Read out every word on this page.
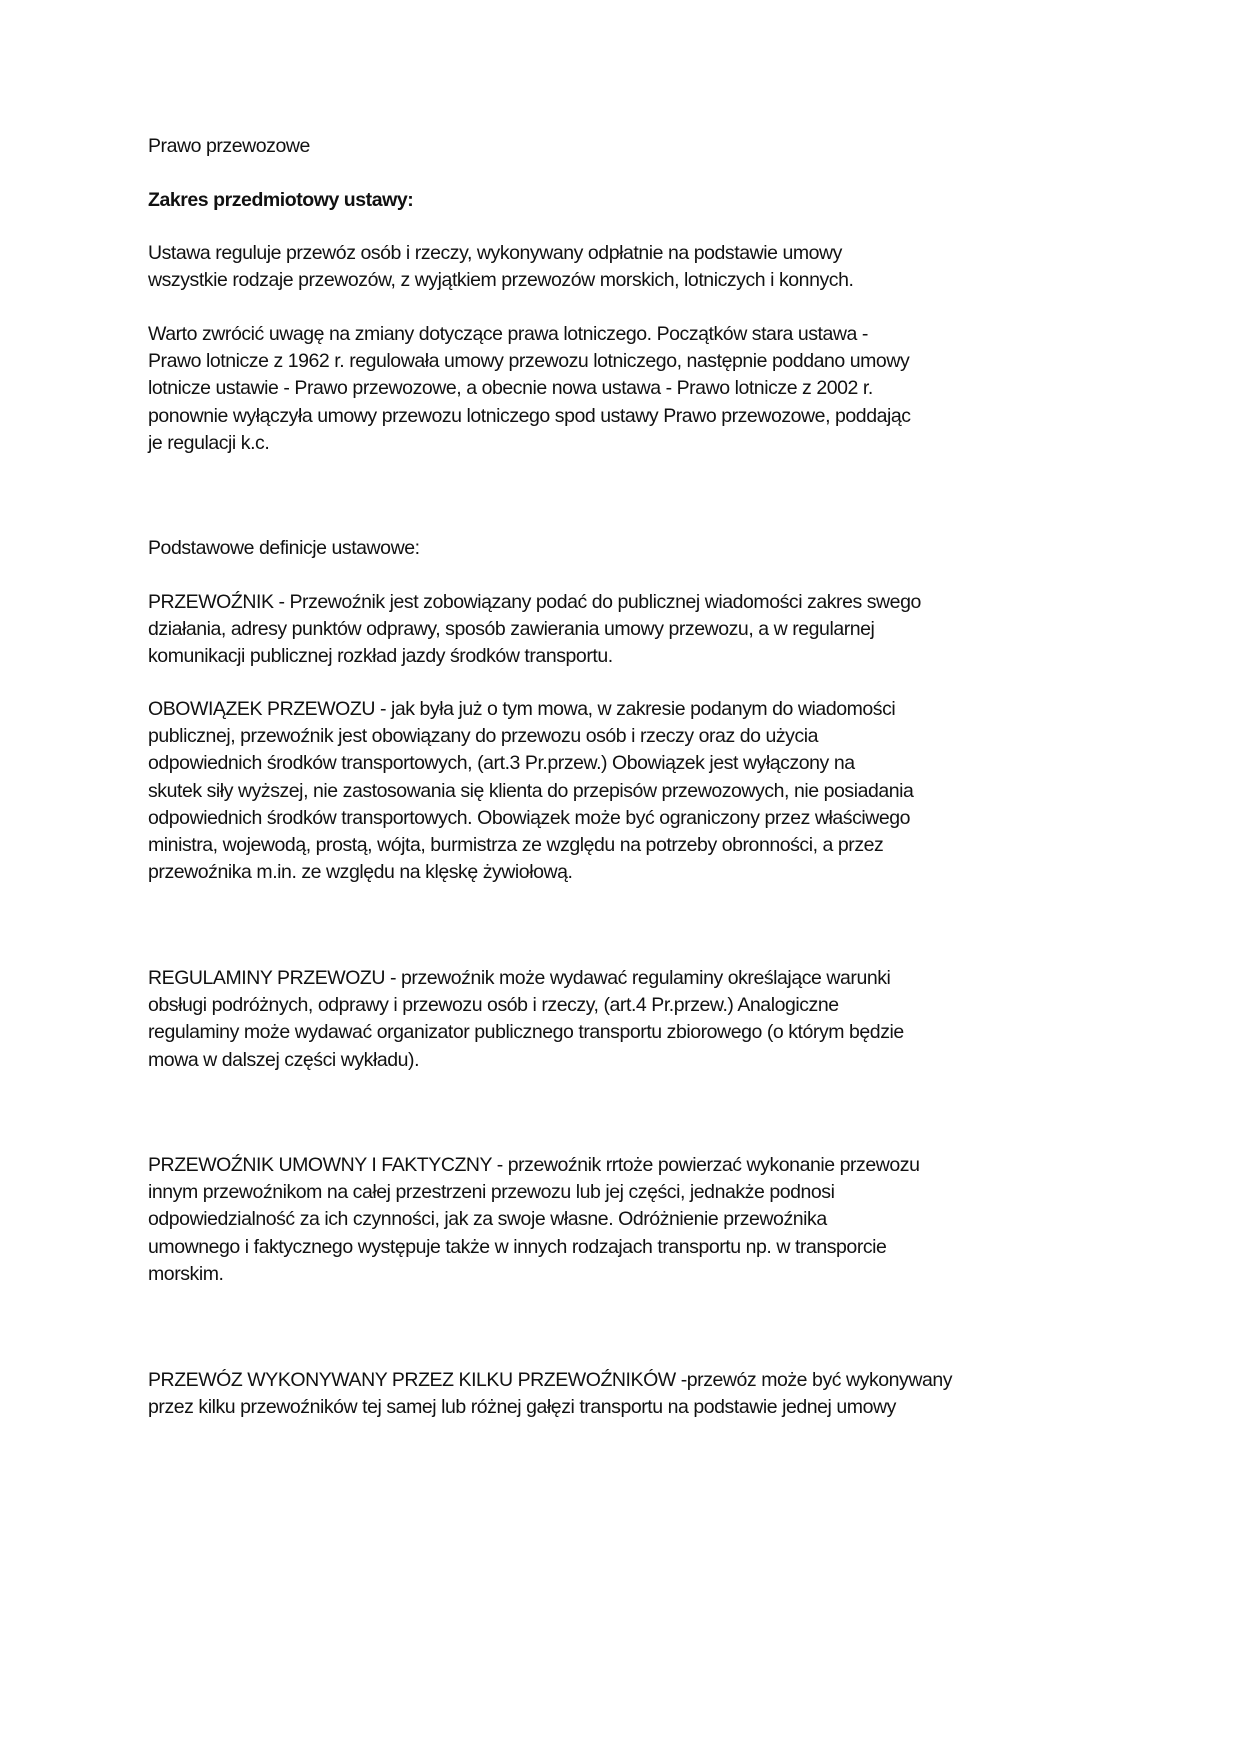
Prawo przewozowe
Zakres przedmiotowy ustawy:
Ustawa reguluje przewóz osób i rzeczy, wykonywany odpłatnie na podstawie umowy
wszystkie rodzaje przewozów, z wyjątkiem przewozów morskich, lotniczych i konnych.
Warto zwrócić uwagę na zmiany dotyczące prawa lotniczego. Początków stara ustawa -
Prawo lotnicze z 1962 r. regulowała umowy przewozu lotniczego, następnie poddano umowy
lotnicze ustawie - Prawo przewozowe, a obecnie nowa ustawa - Prawo lotnicze z 2002 r.
ponownie wyłączyła umowy przewozu lotniczego spod ustawy Prawo przewozowe, poddając
je regulacji k.c.
Podstawowe definicje ustawowe:
PRZEWOŹNIK - Przewoźnik jest zobowiązany podać do publicznej wiadomości zakres swego
działania, adresy punktów odprawy, sposób zawierania umowy przewozu, a w regularnej
komunikacji publicznej rozkład jazdy środków transportu.
OBOWIĄZEK PRZEWOZU - jak była już o tym mowa, w zakresie podanym do wiadomości
publicznej, przewoźnik jest obowiązany do przewozu osób i rzeczy oraz do użycia
odpowiednich środków transportowych, (art.3 Pr.przew.) Obowiązek jest wyłączony na
skutek siły wyższej, nie zastosowania się klienta do przepisów przewozowych, nie posiadania
odpowiednich środków transportowych. Obowiązek może być ograniczony przez właściwego
ministra, wojewodą, prostą, wójta, burmistrza ze względu na potrzeby obronności, a przez
przewoźnika m.in. ze względu na klęskę żywiołową.
REGULAMINY PRZEWOZU - przewoźnik może wydawać regulaminy określające warunki
obsługi podróżnych, odprawy i przewozu osób i rzeczy, (art.4 Pr.przew.) Analogiczne
regulaminy może wydawać organizator publicznego transportu zbiorowego (o którym będzie
mowa w dalszej części wykładu).
PRZEWOŹNIK UMOWNY I FAKTYCZNY - przewoźnik rrtoże powierzać wykonanie przewozu
innym przewoźnikom na całej przestrzeni przewozu lub jej części, jednakże podnosi
odpowiedzialność za ich czynności, jak za swoje własne. Odróżnienie przewoźnika
umownego i faktycznego występuje także w innych rodzajach transportu np. w transporcie
morskim.
PRZEWÓZ WYKONYWANY PRZEZ KILKU PRZEWOŹNIKÓW -przewóz może być wykonywany
przez kilku przewoźników tej samej lub różnej gałęzi transportu na podstawie jednej umowy
